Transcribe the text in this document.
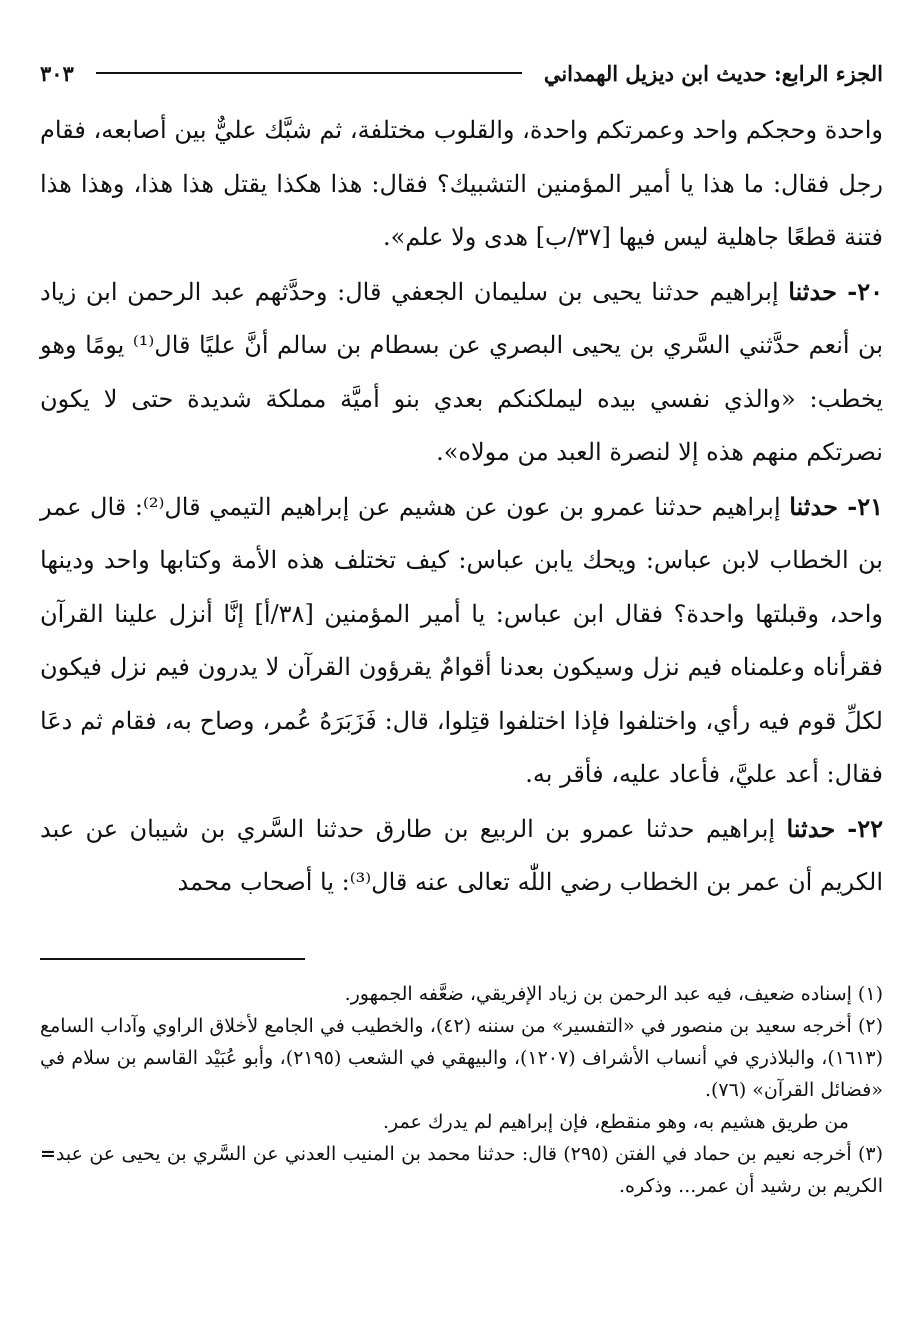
الجزء الرابع: حديث ابن ديزيل الهمداني
٣٠٣

واحدة وحجكم واحد وعمرتكم واحدة، والقلوب مختلفة، ثم شبَّك عليٌّ بين أصابعه، فقام رجل فقال: ما هذا يا أمير المؤمنين التشبيك؟ فقال: هذا هكذا يقتل هذا هذا، وهذا هذا فتنة قطعًا جاهلية ليس فيها [٣٧/ب] هدى ولا علم».

٢٠- حدثنا إبراهيم حدثنا يحيى بن سليمان الجعفي قال: وحدَّثهم عبد الرحمن ابن زياد بن أنعم حدَّثني السَّري بن يحيى البصري عن بسطام بن سالم أنَّ عليًا قال⁽¹⁾ يومًا وهو يخطب: «والذي نفسي بيده ليملكنكم بعدي بنو أميَّة مملكة شديدة حتى لا يكون نصرتكم منهم هذه إلا لنصرة العبد من مولاه».

٢١- حدثنا إبراهيم حدثنا عمرو بن عون عن هشيم عن إبراهيم التيمي قال⁽²⁾: قال عمر بن الخطاب لابن عباس: ويحك يابن عباس: كيف تختلف هذه الأمة وكتابها واحد ودينها واحد، وقبلتها واحدة؟ فقال ابن عباس: يا أمير المؤمنين [٣٨/أ] إنَّا أنزل علينا القرآن فقرأناه وعلمناه فيم نزل وسيكون بعدنا أقوامٌ يقرؤون القرآن لا يدرون فيم نزل فيكون لكلِّ قوم فيه رأي، واختلفوا فإذا اختلفوا قتِلوا، قال: فَزَبَرَهُ عُمر، وصاح به، فقام ثم دعَا فقال: أعد عليَّ، فأعاد عليه، فأقر به.

٢٢- حدثنا إبراهيم حدثنا عمرو بن الربيع بن طارق حدثنا السَّري بن شيبان عن عبد الكريم أن عمر بن الخطاب رضي اللّٰه تعالى عنه قال⁽³⁾: يا أصحاب محمد

(١) إسناده ضعيف، فيه عبد الرحمن بن زياد الإفريقي، ضعَّفه الجمهور.

(٢) أخرجه سعيد بن منصور في «التفسير» من سننه (٤٢)، والخطيب في الجامع لأخلاق الراوي وآداب السامع (١٦١٣)، والبلاذري في أنساب الأشراف (١٢٠٧)، والبيهقي في الشعب (٢١٩٥)، وأبو عُبَيْد القاسم بن سلام في «فضائل القرآن» (٧٦).

من طريق هشيم به، وهو منقطع، فإن إبراهيم لم يدرك عمر.

(٣) أخرجه نعيم بن حماد في الفتن (٢٩٥) قال: حدثنا محمد بن المنيب العدني عن السَّري بن يحيى عن عبد الكريم بن رشيد أن عمر... وذكره.

=
